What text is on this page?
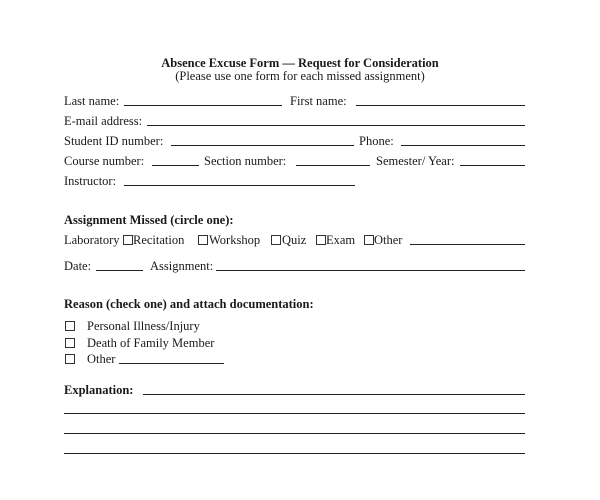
Absence Excuse Form — Request for Consideration
(Please use one form for each missed assignment)
Last name:	First name:
E-mail address:
Student ID number:	Phone:
Course number:	Section number:	Semester/ Year:
Instructor:
Assignment Missed (circle one):
Laboratory Recitation Workshop Quiz Exam Other
Date:	Assignment:
Reason (check one) and attach documentation:
Personal Illness/Injury
Death of Family Member
Other
Explanation:
